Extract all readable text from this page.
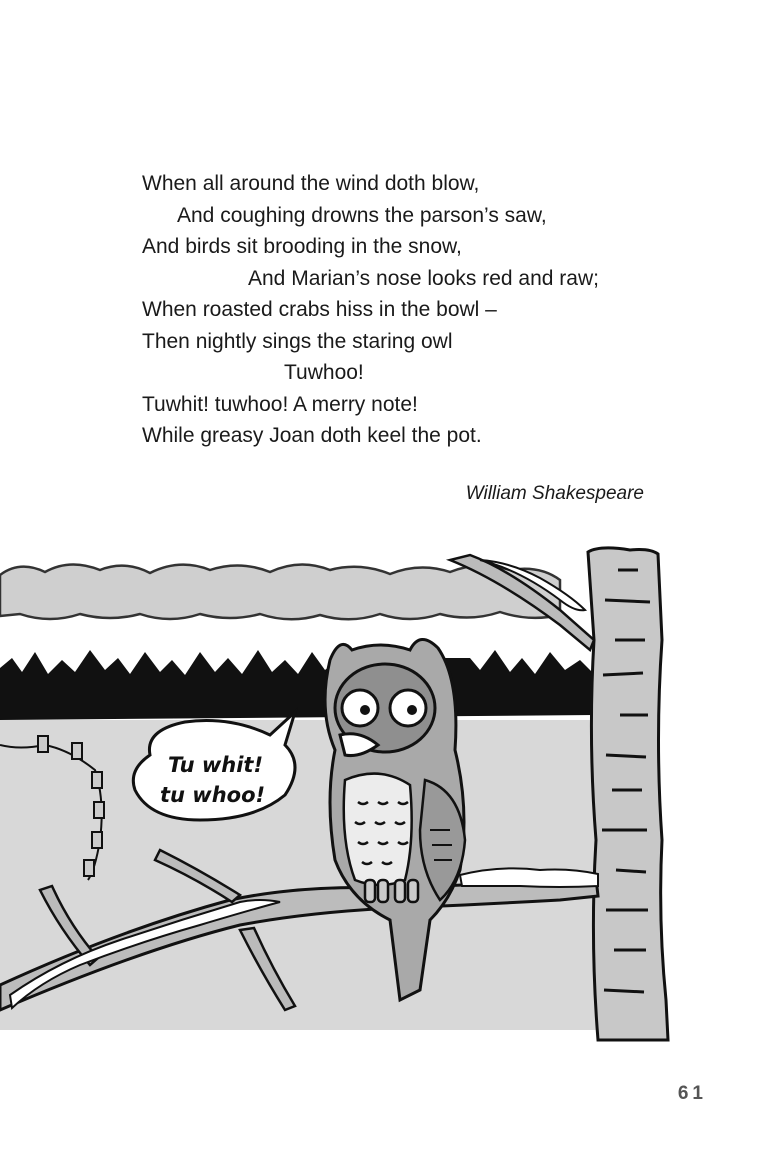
When all around the wind doth blow,
And coughing drowns the parson’s saw,
And birds sit brooding in the snow,
And Marian’s nose looks red and raw;
When roasted crabs hiss in the bowl –
Then nightly sings the staring owl
Tuwhoo!
Tuwhit! tuwhoo! A merry note!
While greasy Joan doth keel the pot.
William Shakespeare
Tu whit!
tu whoo!
61
